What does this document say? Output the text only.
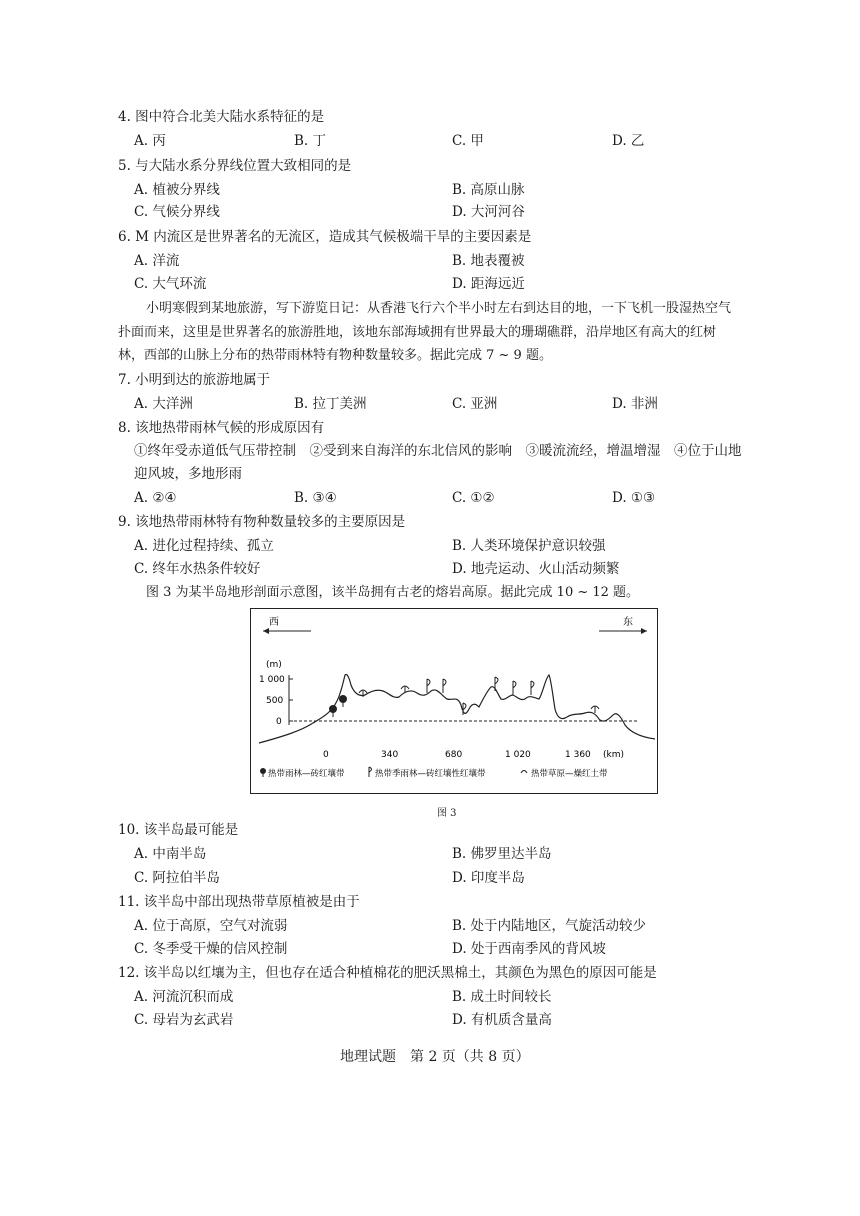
4. 图中符合北美大陆水系特征的是
A. 丙	B. 丁	C. 甲	D. 乙
5. 与大陆水系分界线位置大致相同的是
A. 植被分界线	B. 高原山脉
C. 气候分界线	D. 大河河谷
6. M 内流区是世界著名的无流区，造成其气候极端干旱的主要因素是
A. 洋流	B. 地表覆被
C. 大气环流	D. 距海远近
小明寒假到某地旅游，写下游览日记：从香港飞行六个半小时左右到达目的地，一下飞机一股湿热空气
扑面而来，这里是世界著名的旅游胜地，该地东部海域拥有世界最大的珊瑚礁群，沿岸地区有高大的红树
林，西部的山脉上分布的热带雨林特有物种数量较多。据此完成 7 ~ 9 题。
7. 小明到达的旅游地属于
A. 大洋洲	B. 拉丁美洲	C. 亚洲	D. 非洲
8. 该地热带雨林气候的形成原因有
①终年受赤道低气压带控制　②受到来自海洋的东北信风的影响　③暖流流经，增温增湿　④位于山地
迎风坡，多地形雨
A. ②④	B. ③④	C. ①②	D. ①③
9. 该地热带雨林特有物种数量较多的主要原因是
A. 进化过程持续、孤立	B. 人类环境保护意识较强
C. 终年水热条件较好	D. 地壳运动、火山活动频繁
图 3 为某半岛地形剖面示意图，该半岛拥有古老的熔岩高原。据此完成 10 ~ 12 题。
西	东
(m)
1 000
500
0
0	340	680	1 020	1 360 (km)
热带雨林—砖红壤带	热带季雨林—砖红壤性红壤带	热带草原—燥红土带
图 3
10. 该半岛最可能是
A. 中南半岛	B. 佛罗里达半岛
C. 阿拉伯半岛	D. 印度半岛
11. 该半岛中部出现热带草原植被是由于
A. 位于高原，空气对流弱	B. 处于内陆地区，气旋活动较少
C. 冬季受干燥的信风控制	D. 处于西南季风的背风坡
12. 该半岛以红壤为主，但也存在适合种植棉花的肥沃黑棉土，其颜色为黑色的原因可能是
A. 河流沉积而成	B. 成土时间较长
C. 母岩为玄武岩	D. 有机质含量高
地理试题　第 2 页（共 8 页）
